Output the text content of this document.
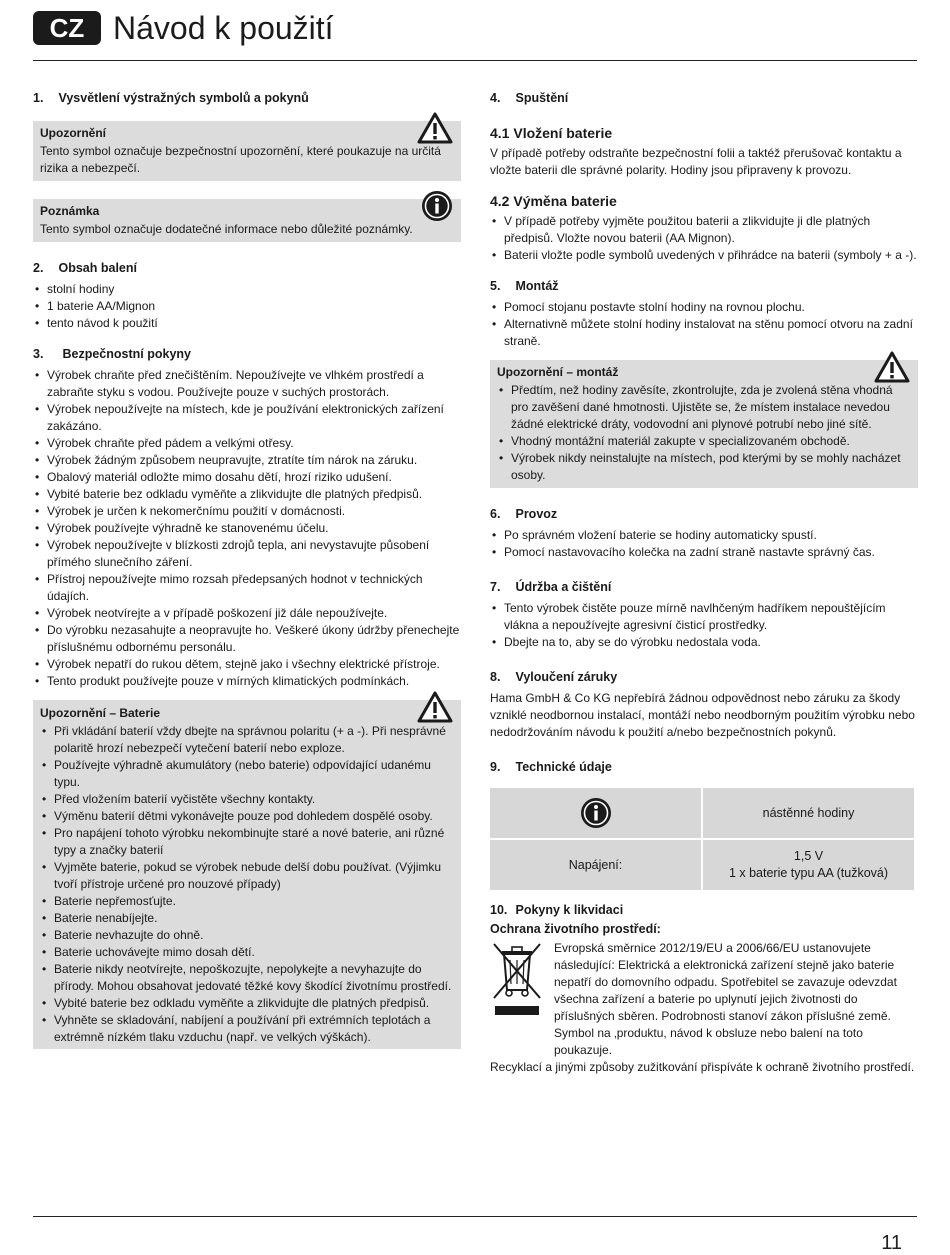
CZ Návod k použití
1. Vysvětlení výstražných symbolů a pokynů
Upozornění
Tento symbol označuje bezpečnostní upozornění, které poukazuje na určitá rizika a nebezpečí.
Poznámka
Tento symbol označuje dodatečné informace nebo důležité poznámky.
2. Obsah balení
• stolní hodiny
• 1 baterie AA/Mignon
• tento návod k použití
3. Bezpečnostní pokyny
• Výrobek chraňte před znečištěním. Nepoužívejte ve vlhkém prostředí a zabraňte styku s vodou. Používejte pouze v suchých prostorách.
• Výrobek nepoužívejte na místech, kde je používání elektronických zařízení zakázáno.
• Výrobek chraňte před pádem a velkými otřesy.
• Výrobek žádným způsobem neupravujte, ztratíte tím nárok na záruku.
• Obalový materiál odložte mimo dosahu dětí, hrozí riziko udušení.
• Vybité baterie bez odkladu vyměňte a zlikvidujte dle platných předpisů.
• Výrobek je určen k nekomerčnímu použití v domácnosti.
• Výrobek používejte výhradně ke stanovenému účelu.
• Výrobek nepoužívejte v blízkosti zdrojů tepla, ani nevystavujte působení přímého slunečního záření.
• Přístroj nepoužívejte mimo rozsah předepsaných hodnot v technických údajích.
• Výrobek neotvírejte a v případě poškození již dále nepoužívejte.
• Do výrobku nezasahujte a neopravujte ho. Veškeré úkony údržby přenechejte příslušnému odbornému personálu.
• Výrobek nepatří do rukou dětem, stejně jako i všechny elektrické přístroje.
• Tento produkt používejte pouze v mírných klimatických podmínkách.
Upozornění – Baterie
• Při vkládání baterií vždy dbejte na správnou polaritu (+ a -). Při nesprávné polaritě hrozí nebezpečí vytečení baterií nebo exploze.
• Používejte výhradně akumulátory (nebo baterie) odpovídající udanému typu.
• Před vložením baterií vyčistěte všechny kontakty.
• Výměnu baterií dětmi vykonávejte pouze pod dohledem dospělé osoby.
• Pro napájení tohoto výrobku nekombinujte staré a nové baterie, ani různé typy a značky baterií
• Vyjměte baterie, pokud se výrobek nebude delší dobu používat. (Výjimku tvoří přístroje určené pro nouzové případy)
• Baterie nepřemosťujte.
• Baterie nenabíjejte.
• Baterie nevhazujte do ohně.
• Baterie uchovávejte mimo dosah dětí.
• Baterie nikdy neotvírejte, nepoškozujte, nepolykejte a nevyhazujte do přírody. Mohou obsahovat jedovaté těžké kovy škodící životnímu prostředí.
• Vybité baterie bez odkladu vyměňte a zlikvidujte dle platných předpisů.
• Vyhněte se skladování, nabíjení a používání při extrémních teplotách a extrémně nízkém tlaku vzduchu (např. ve velkých výškách).
4. Spuštění
4.1 Vložení baterie
V případě potřeby odstraňte bezpečnostní folii a taktéž přerušovač kontaktu a vložte baterii dle správné polarity. Hodiny jsou připraveny k provozu.
4.2 Výměna baterie
• V případě potřeby vyjměte použitou baterii a zlikvidujte ji dle platných předpisů. Vložte novou baterii (AA Mignon).
• Baterii vložte podle symbolů uvedených v přihrádce na baterii (symboly + a -).
5. Montáž
• Pomocí stojanu postavte stolní hodiny na rovnou plochu.
• Alternativně můžete stolní hodiny instalovat na stěnu pomocí otvoru na zadní straně.
Upozornění – montáž
• Předtím, než hodiny zavěsíte, zkontrolujte, zda je zvolená stěna vhodná pro zavěšení dané hmotnosti. Ujistěte se, že místem instalace nevedou žádné elektrické dráty, vodovodní ani plynové potrubí nebo jiné sítě.
• Vhodný montážní materiál zakupte v specializovaném obchodě.
• Výrobek nikdy neinstalujte na místech, pod kterými by se mohly nacházet osoby.
6. Provoz
• Po správném vložení baterie se hodiny automaticky spustí.
• Pomocí nastavovacího kolečka na zadní straně nastavte správný čas.
7. Údržba a čištění
• Tento výrobek čistěte pouze mírně navlhčeným hadříkem nepouštějícím vlákna a nepoužívejte agresivní čisticí prostředky.
• Dbejte na to, aby se do výrobku nedostala voda.
8. Vyloučení záruky
Hama GmbH & Co KG nepřebírá žádnou odpovědnost nebo záruku za škody vzniklé neodbornou instalací, montáží nebo neodborným použitím výrobku nebo nedodržováním návodu k použití a/nebo bezpečnostních pokynů.
9. Technické údaje
	nástěnné hodiny
Napájení:	1,5 V
1 x baterie typu AA (tužková)
10. Pokyny k likvidaci
Ochrana životního prostředí:
Evropská směrnice 2012/19/EU a 2006/66/EU ustanovujete následující: Elektrická a elektronická zařízení stejně jako baterie nepatří do domovního odpadu. Spotřebitel se zavazuje odevzdat všechna zařízení a baterie po uplynutí jejich životnosti do příslušných sběren. Podrobnosti stanoví zákon příslušné země. Symbol na ‚produktu, návod k obsluze nebo balení na toto poukazuje.
Recyklací a jinými způsoby zužitkování přispíváte k ochraně životního prostředí.
11
